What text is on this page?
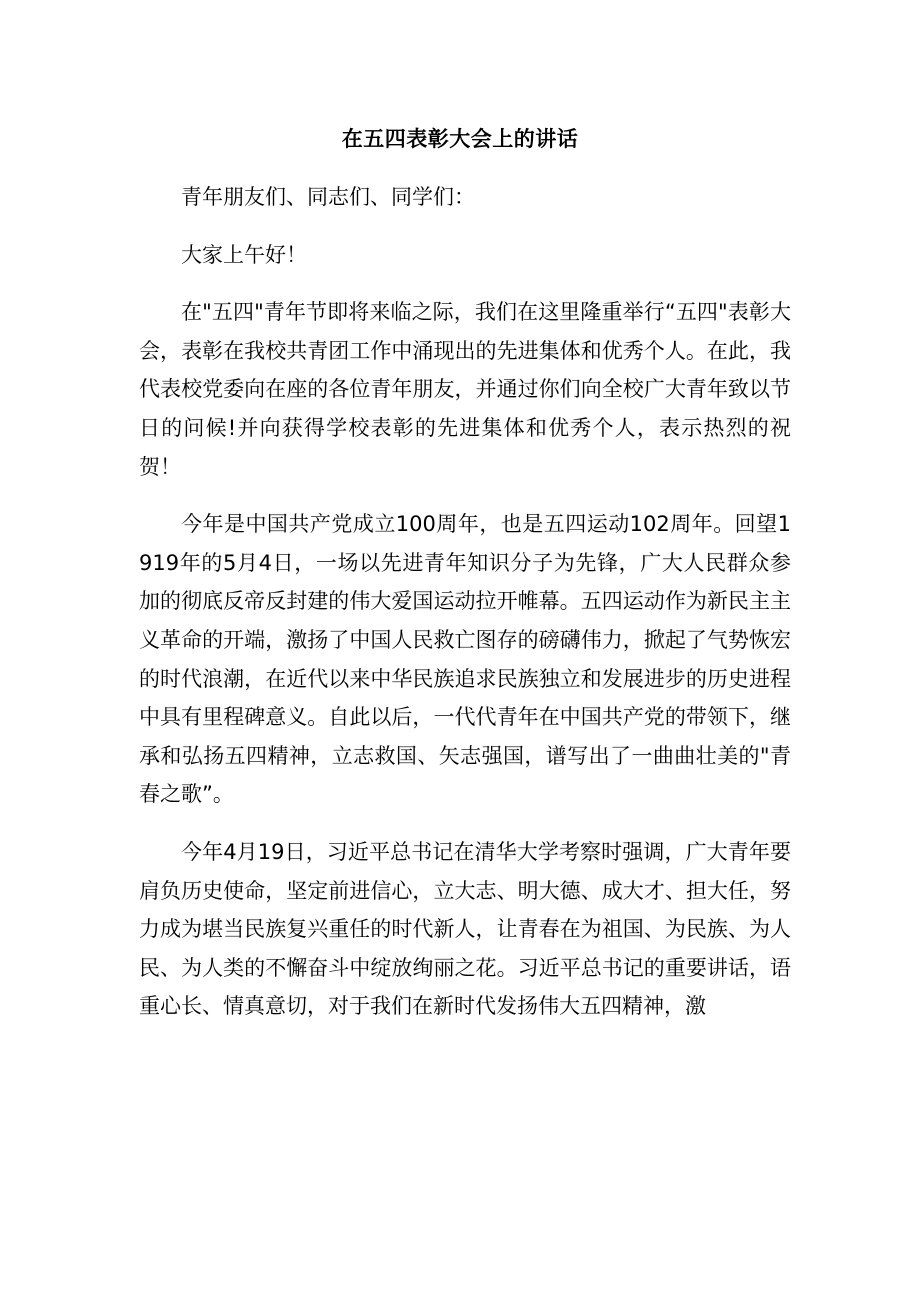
在五四表彰大会上的讲话

青年朋友们、同志们、同学们：

大家上午好！

在"五四"青年节即将来临之际，我们在这里隆重举行“五四"表彰大会，表彰在我校共青团工作中涌现出的先进集体和优秀个人。在此，我代表校党委向在座的各位青年朋友，并通过你们向全校广大青年致以节日的问候!并向获得学校表彰的先进集体和优秀个人，表示热烈的祝贺！

今年是中国共产党成立100周年，也是五四运动102周年。回望1919年的5月4日，一场以先进青年知识分子为先锋，广大人民群众参加的彻底反帝反封建的伟大爱国运动拉开帷幕。五四运动作为新民主主义革命的开端，激扬了中国人民救亡图存的磅礴伟力，掀起了气势恢宏的时代浪潮，在近代以来中华民族追求民族独立和发展进步的历史进程中具有里程碑意义。自此以后，一代代青年在中国共产党的带领下，继承和弘扬五四精神，立志救国、矢志强国，谱写出了一曲曲壮美的"青春之歌”。

今年4月19日，习近平总书记在清华大学考察时强调，广大青年要肩负历史使命，坚定前进信心，立大志、明大德、成大才、担大任，努力成为堪当民族复兴重任的时代新人，让青春在为祖国、为民族、为人民、为人类的不懈奋斗中绽放绚丽之花。习近平总书记的重要讲话，语重心长、情真意切，对于我们在新时代发扬伟大五四精神，激
